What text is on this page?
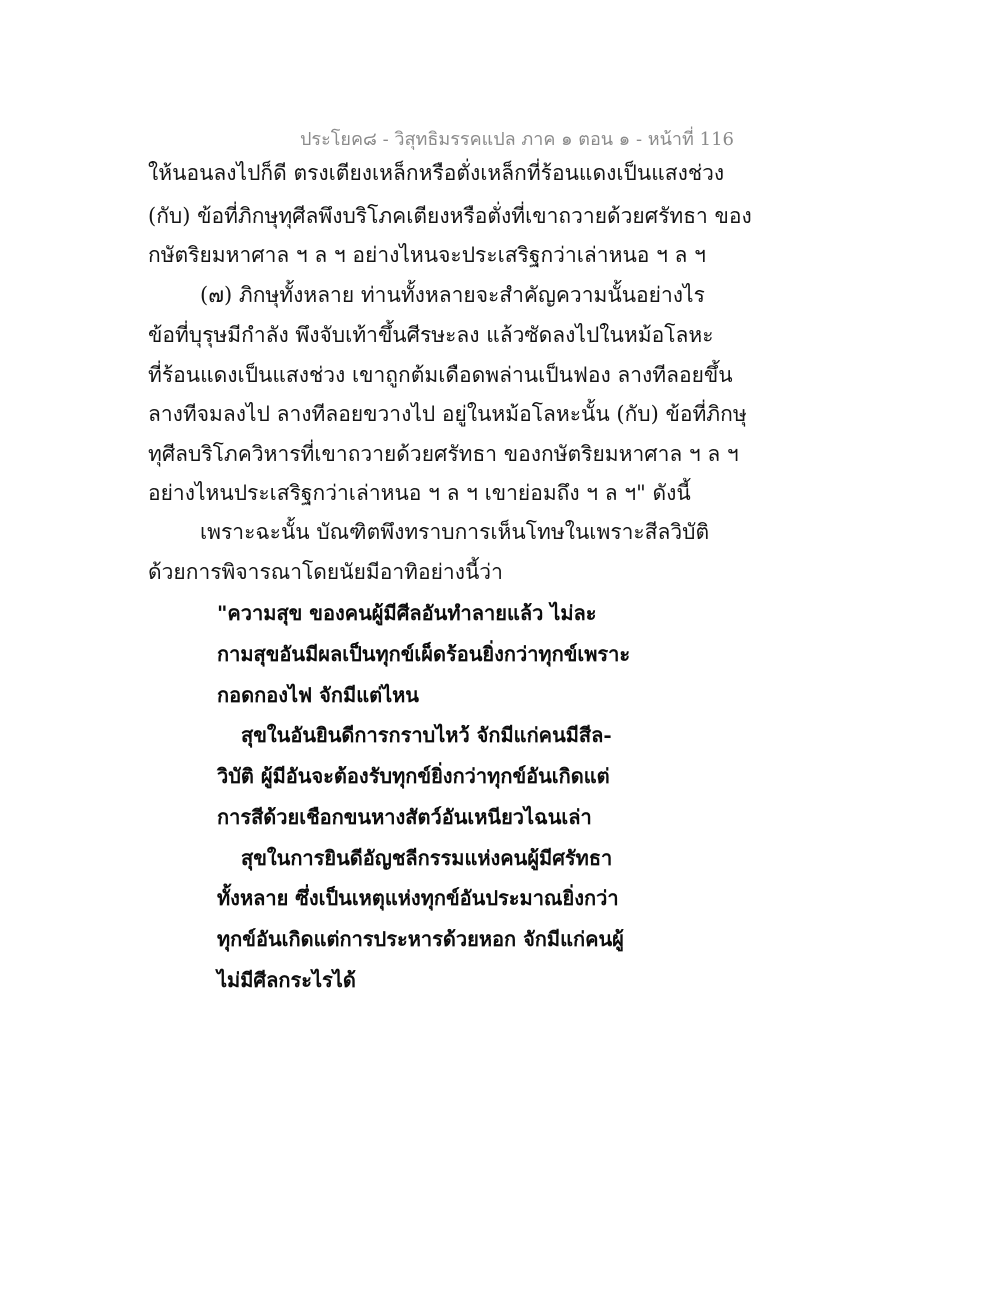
ประโยค๘ - วิสุทธิมรรคแปล ภาค ๑ ตอน ๑ - หน้าที่ 116
ให้นอนลงไปก็ดี ตรงเตียงเหล็กหรือตั่งเหล็กที่ร้อนแดงเป็นแสงช่วง
(กับ) ข้อที่ภิกษุทุศีลพึงบริโภคเตียงหรือตั่งที่เขาถวายด้วยศรัทธา ของ
กษัตริยมหาศาล ฯ ล ฯ อย่างไหนจะประเสริฐกว่าเล่าหนอ ฯ ล ฯ
(๗) ภิกษุทั้งหลาย ท่านทั้งหลายจะสำคัญความนั้นอย่างไร
ข้อที่บุรุษมีกำลัง พึงจับเท้าขึ้นศีรษะลง แล้วซัดลงไปในหม้อโลหะ
ที่ร้อนแดงเป็นแสงช่วง เขาถูกต้มเดือดพล่านเป็นฟอง ลางทีลอยขึ้น
ลางทีจมลงไป ลางทีลอยขวางไป อยู่ในหม้อโลหะนั้น (กับ) ข้อที่ภิกษุ
ทุศีลบริโภควิหารที่เขาถวายด้วยศรัทธา ของกษัตริยมหาศาล ฯ ล ฯ
อย่างไหนประเสริฐกว่าเล่าหนอ ฯ ล ฯ เขาย่อมถึง ฯ ล ฯ" ดังนี้
เพราะฉะนั้น บัณฑิตพึงทราบการเห็นโทษในเพราะสีลวิบัติ
ด้วยการพิจารณาโดยนัยมีอาทิอย่างนี้ว่า
"ความสุข ของคนผู้มีศีลอันทำลายแล้ว ไม่ละ
กามสุขอันมีผลเป็นทุกข์เผ็ดร้อนยิ่งกว่าทุกข์เพราะ
กอดกองไฟ จักมีแต่ไหน
สุขในอันยินดีการกราบไหว้ จักมีแก่คนมีสีล-
วิบัติ ผู้มีอันจะต้องรับทุกข์ยิ่งกว่าทุกข์อันเกิดแต่
การสีด้วยเชือกขนหางสัตว์อันเหนียวไฉนเล่า
สุขในการยินดีอัญชลีกรรมแห่งคนผู้มีศรัทธา
ทั้งหลาย ซึ่งเป็นเหตุแห่งทุกข์อันประมาณยิ่งกว่า
ทุกข์อันเกิดแต่การประหารด้วยหอก จักมีแก่คนผู้
ไม่มีศีลกระไรได้
